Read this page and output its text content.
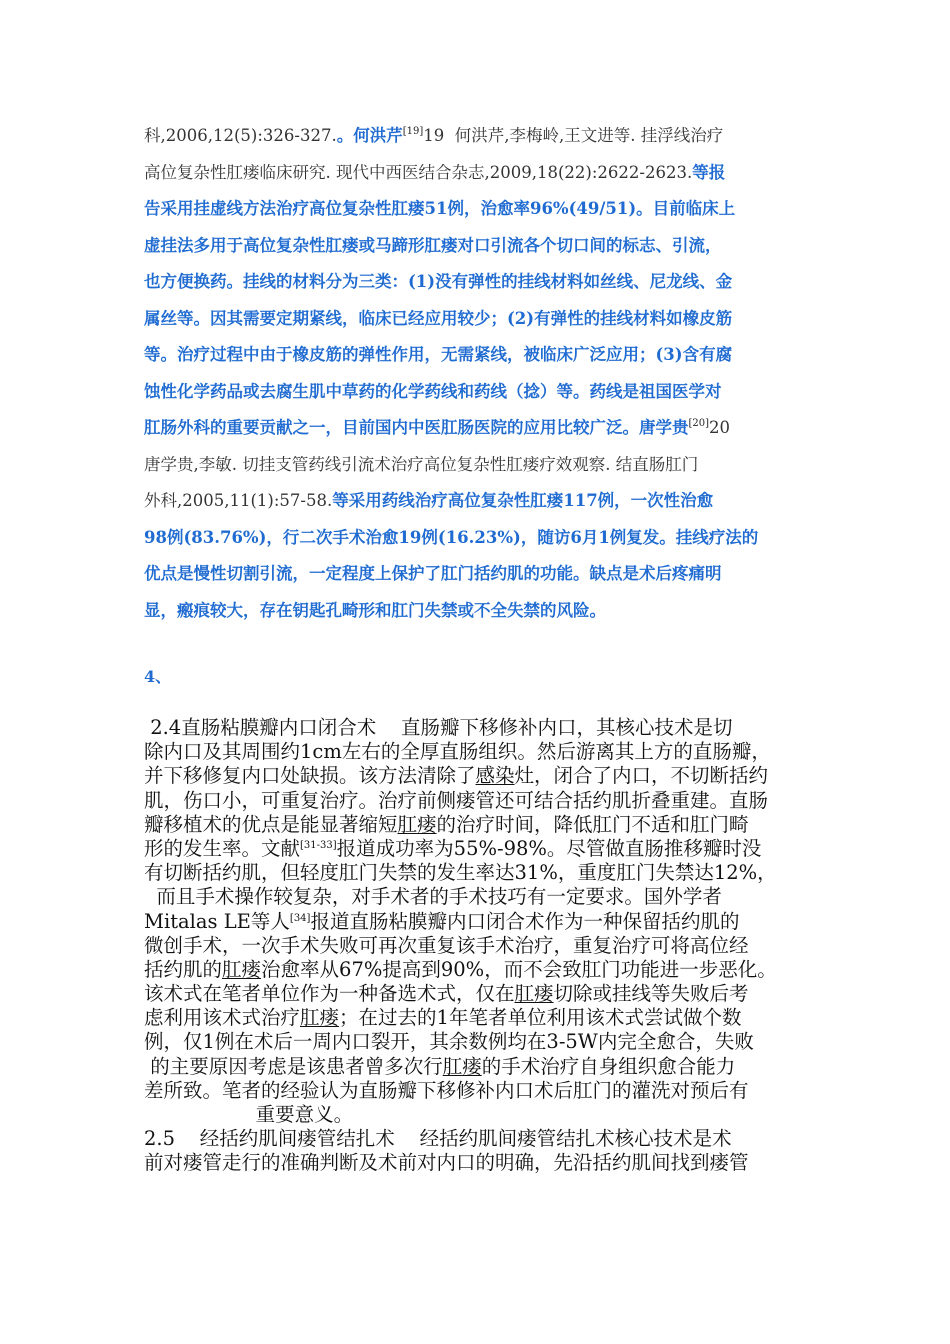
科,2006,12(5):326-327.。何洪芹[19]19  何洪芹,李梅岭,王文进等. 挂浮线治疗
高位复杂性肛瘘临床研究. 现代中西医结合杂志,2009,18(22):2622-2623.等报
告采用挂虚线方法治疗高位复杂性肛瘘51例，治愈率96%(49/51)。目前临床上
虚挂法多用于高位复杂性肛瘘或马蹄形肛瘘对口引流各个切口间的标志、引流，
也方便换药。挂线的材料分为三类：(1)没有弹性的挂线材料如丝线、尼龙线、金
属丝等。因其需要定期紧线，临床已经应用较少；(2)有弹性的挂线材料如橡皮筋
等。治疗过程中由于橡皮筋的弹性作用，无需紧线，被临床广泛应用；(3)含有腐
蚀性化学药品或去腐生肌中草药的化学药线和药线（捻）等。药线是祖国医学对
肛肠外科的重要贡献之一，目前国内中医肛肠医院的应用比较广泛。唐学贵[20]20
唐学贵,李敏. 切挂支管药线引流术治疗高位复杂性肛瘘疗效观察. 结直肠肛门
外科,2005,11(1):57-58.等采用药线治疗高位复杂性肛瘘117例，一次性治愈
98例(83.76%)，行二次手术治愈19例(16.23%)，随访6月1例复发。挂线疗法的
优点是慢性切割引流，一定程度上保护了肛门括约肌的功能。缺点是术后疼痛明
显，瘢痕较大，存在钥匙孔畸形和肛门失禁或不全失禁的风险。
4、
2.4直肠粘膜瓣内口闭合术    直肠瓣下移修补内口，其核心技术是切
除内口及其周围约1cm左右的全厚直肠组织。然后游离其上方的直肠瓣，
并下移修复内口处缺损。该方法清除了感染灶，闭合了内口，不切断括约
肌，伤口小，可重复治疗。治疗前侧瘘管还可结合括约肌折叠重建。直肠
瓣移植术的优点是能显著缩短肛瘘的治疗时间，降低肛门不适和肛门畸
形的发生率。文献[31-33]报道成功率为55%-98%。尽管做直肠推移瓣时没
有切断括约肌，但轻度肛门失禁的发生率达31%，重度肛门失禁达12%，
而且手术操作较复杂，对手术者的手术技巧有一定要求。国外学者
Mitalas LE等人[34]报道直肠粘膜瓣内口闭合术作为一种保留括约肌的
微创手术，一次手术失败可再次重复该手术治疗，重复治疗可将高位经
括约肌的肛瘘治愈率从67%提高到90%，而不会致肛门功能进一步恶化。
该术式在笔者单位作为一种备选术式，仅在肛瘘切除或挂线等失败后考
虑利用该术式治疗肛瘘；在过去的1年笔者单位利用该术式尝试做个数
例，仅1例在术后一周内口裂开，其余数例均在3-5W内完全愈合，失败
的主要原因考虑是该患者曾多次行肛瘘的手术治疗自身组织愈合能力
差所致。笔者的经验认为直肠瓣下移修补内口术后肛门的灌洗对预后有
重要意义。
2.5    经括约肌间瘘管结扎术    经括约肌间瘘管结扎术核心技术是术
前对瘘管走行的准确判断及术前对内口的明确，先沿括约肌间找到瘘管
